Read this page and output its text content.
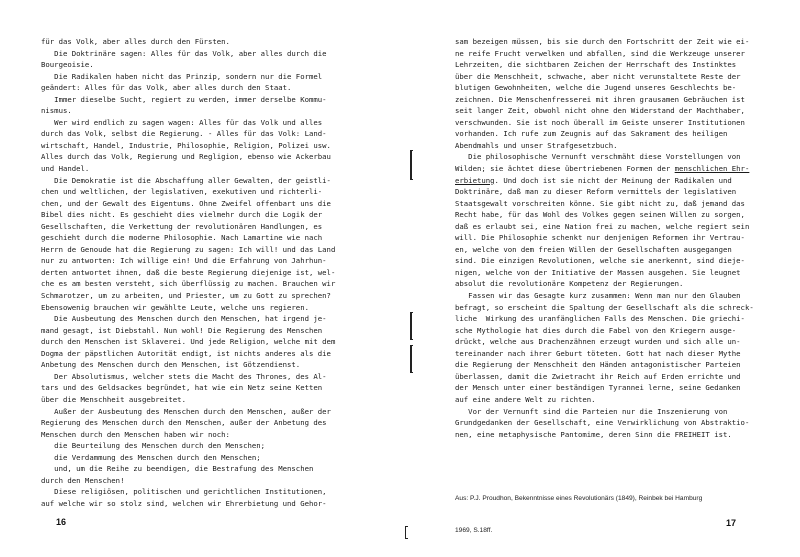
für das Volk, aber alles durch den Fürsten.
Die Doktrinäre sagen: Alles für das Volk, aber alles durch die
Bourgeoisie.
Die Radikalen haben nicht das Prinzip, sondern nur die Formel
geändert: Alles für das Volk, aber alles durch den Staat.
Immer dieselbe Sucht, regiert zu werden, immer derselbe Kommu-
nismus.
Wer wird endlich zu sagen wagen: Alles für das Volk und alles
durch das Volk, selbst die Regierung. - Alles für das Volk: Land-
wirtschaft, Handel, Industrie, Philosophie, Religion, Polizei usw.
Alles durch das Volk, Regierung und Regligion, ebenso wie Ackerbau
und Handel.
Die Demokratie ist die Abschaffung aller Gewalten, der geistli-
chen und weltlichen, der legislativen, exekutiven und richterli-
chen, und der Gewalt des Eigentums. Ohne Zweifel offenbart uns die
Bibel dies nicht. Es geschieht dies vielmehr durch die Logik der
Gesellschaften, die Verkettung der revolutionären Handlungen, es
geschieht durch die moderne Philosophie. Nach Lamartine wie nach
Herrn de Genoude hat die Regierung zu sagen: Ich will! und das Land
nur zu antworten: Ich willige ein! Und die Erfahrung von Jahrhun-
derten antwortet ihnen, daß die beste Regierung diejenige ist, wel-
che es am besten versteht, sich überflüssig zu machen. Brauchen wir
Schmarotzer, um zu arbeiten, und Priester, um zu Gott zu sprechen?
Ebensowenig brauchen wir gewählte Leute, welche uns regieren.
Die Ausbeutung des Menschen durch den Menschen, hat irgend je-
mand gesagt, ist Diebstahl. Nun wohl! Die Regierung des Menschen
durch den Menschen ist Sklaverei. Und jede Religion, welche mit dem
Dogma der päpstlichen Autorität endigt, ist nichts anderes als die
Anbetung des Menschen durch den Menschen, ist Götzendienst.
Der Absolutismus, welcher stets die Macht des Thrones, des Al-
tars und des Geldsackes begründet, hat wie ein Netz seine Ketten
über die Menschheit ausgebreitet.
Außer der Ausbeutung des Menschen durch den Menschen, außer der
Regierung des Menschen durch den Menschen, außer der Anbetung des
Menschen durch den Menschen haben wir noch:
die Beurteilung des Menschen durch den Menschen;
die Verdammung des Menschen durch den Menschen;
und, um die Reihe zu beendigen, die Bestrafung des Menschen
durch den Menschen!
Diese religiösen, politischen und gerichtlichen Institutionen,
auf welche wir so stolz sind, welchen wir Ehrerbietung und Gehor-
16
sam bezeigen müssen, bis sie durch den Fortschritt der Zeit wie ei-
ne reife Frucht verwelken und abfallen, sind die Werkzeuge unserer
Lehrzeiten, die sichtbaren Zeichen der Herrschaft des Instinktes
über die Menschheit, schwache, aber nicht verunstaltete Reste der
blutigen Gewohnheiten, welche die Jugend unseres Geschlechts be-
zeichnen. Die Menschenfresserei mit ihren grausamen Gebräuchen ist
seit langer Zeit, obwohl nicht ohne den Widerstand der Machthaber,
verschwunden. Sie ist noch überall im Geiste unserer Institutionen
vorhanden. Ich rufe zum Zeugnis auf das Sakrament des heiligen
Abendmahls und unser Strafgesetzbuch.
Die philosophische Vernunft verschmäht diese Vorstellungen von
Wilden; sie ächtet diese übertriebenen Formen der menschlichen Ehr-
erbietung. Und doch ist sie nicht der Meinung der Radikalen und
Doktrinäre, daß man zu dieser Reform vermittels der legislativen
Staatsgewalt vorschreiten könne. Sie gibt nicht zu, daß jemand das
Recht habe, für das Wohl des Volkes gegen seinen Willen zu sorgen,
daß es erlaubt sei, eine Nation frei zu machen, welche regiert sein
will. Die Philosophie schenkt nur denjenigen Reformen ihr Vertrau-
en, welche von dem freien Willen der Gesellschaften ausgegangen
sind. Die einzigen Revolutionen, welche sie anerkennt, sind dieje-
nigen, welche von der Initiative der Massen ausgehen. Sie leugnet
absolut die revolutionäre Kompetenz der Regierungen.
Fassen wir das Gesagte kurz zusammen: Wenn man nur den Glauben
befragt, so erscheint die Spaltung der Gesellschaft als die schreck-
liche  Wirkung des uranfänglichen Falls des Menschen. Die griechi-
sche Mythologie hat dies durch die Fabel von den Kriegern ausge-
drückt, welche aus Drachenzähnen erzeugt wurden und sich alle un-
tereinander nach ihrer Geburt töteten. Gott hat nach dieser Mythe
die Regierung der Menschheit den Händen antagonistischer Parteien
überlassen, damit die Zwietracht ihr Reich auf Erden errichte und
der Mensch unter einer beständigen Tyrannei lerne, seine Gedanken
auf eine andere Welt zu richten.
Vor der Vernunft sind die Parteien nur die Inszenierung von
Grundgedanken der Gesellschaft, eine Verwirklichung von Abstraktio-
nen, eine metaphysische Pantomime, deren Sinn die FREIHEIT ist.

Aus: P.J. Proudhon, Bekenntnisse eines Revolutionärs (1849), Reinbek bei Hamburg

1969, S.18ff.

17
